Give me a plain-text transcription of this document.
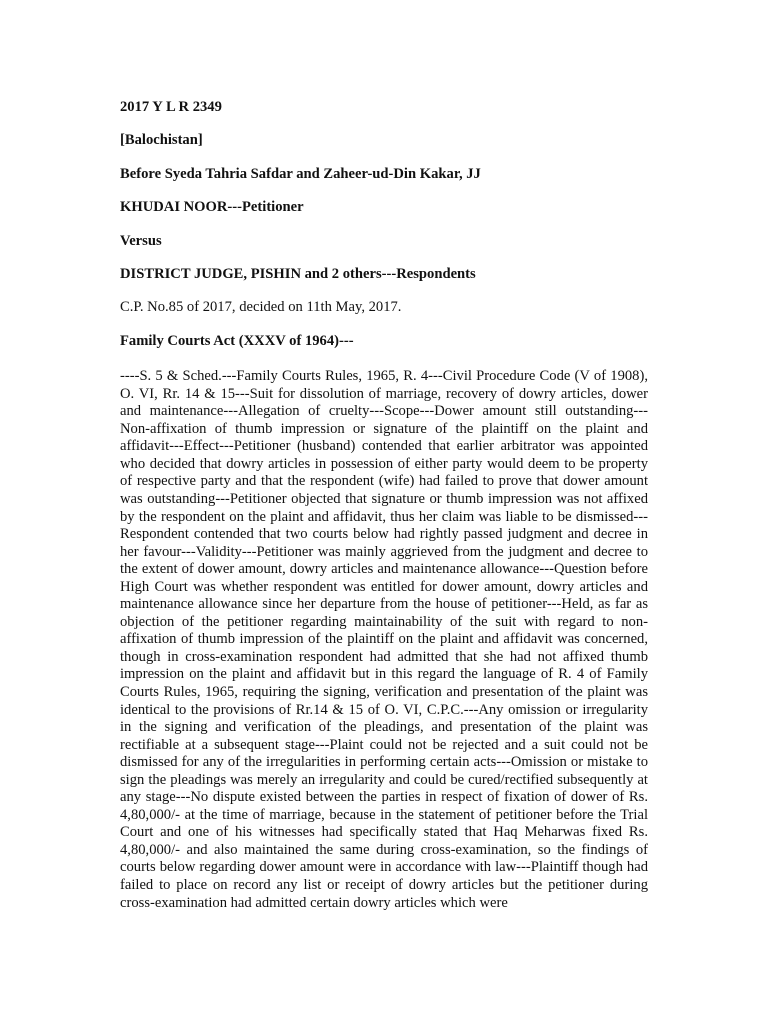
2017 Y L R 2349

[Balochistan]

Before Syeda Tahria Safdar and Zaheer-ud-Din Kakar, JJ

KHUDAI NOOR---Petitioner

Versus

DISTRICT JUDGE, PISHIN and 2 others---Respondents

C.P. No.85 of 2017, decided on 11th May, 2017.

Family Courts Act (XXXV of 1964)---

----S. 5 & Sched.---Family Courts Rules, 1965, R. 4---Civil Procedure Code (V of 1908), O. VI, Rr. 14 & 15---Suit for dissolution of marriage, recovery of dowry articles, dower and maintenance---Allegation of cruelty---Scope---Dower amount still outstanding---Non-affixation of thumb impression or signature of the plaintiff on the plaint and affidavit---Effect---Petitioner (husband) contended that earlier arbitrator was appointed who decided that dowry articles in possession of either party would deem to be property of respective party and that the respondent (wife) had failed to prove that dower amount was outstanding---Petitioner objected that signature or thumb impression was not affixed by the respondent on the plaint and affidavit, thus her claim was liable to be dismissed---Respondent contended that two courts below had rightly passed judgment and decree in her favour---Validity---Petitioner was mainly aggrieved from the judgment and decree to the extent of dower amount, dowry articles and maintenance allowance---Question before High Court was whether respondent was entitled for dower amount, dowry articles and maintenance allowance since her departure from the house of petitioner---Held, as far as objection of the petitioner regarding maintainability of the suit with regard to non-affixation of thumb impression of the plaintiff on the plaint and affidavit was concerned, though in cross-examination respondent had admitted that she had not affixed thumb impression on the plaint and affidavit but in this regard the language of R. 4 of Family Courts Rules, 1965, requiring the signing, verification and presentation of the plaint was identical to the provisions of Rr.14 & 15 of O. VI, C.P.C.---Any omission or irregularity in the signing and verification of the pleadings, and presentation of the plaint was rectifiable at a subsequent stage---Plaint could not be rejected and a suit could not be dismissed for any of the irregularities in performing certain acts---Omission or mistake to sign the pleadings was merely an irregularity and could be cured/rectified subsequently at any stage---No dispute existed between the parties in respect of fixation of dower of Rs. 4,80,000/- at the time of marriage, because in the statement of petitioner before the Trial Court and one of his witnesses had specifically stated that Haq Meharwas fixed Rs. 4,80,000/- and also maintained the same during cross-examination, so the findings of courts below regarding dower amount were in accordance with law---Plaintiff though had failed to place on record any list or receipt of dowry articles but the petitioner during cross-examination had admitted certain dowry articles which were
